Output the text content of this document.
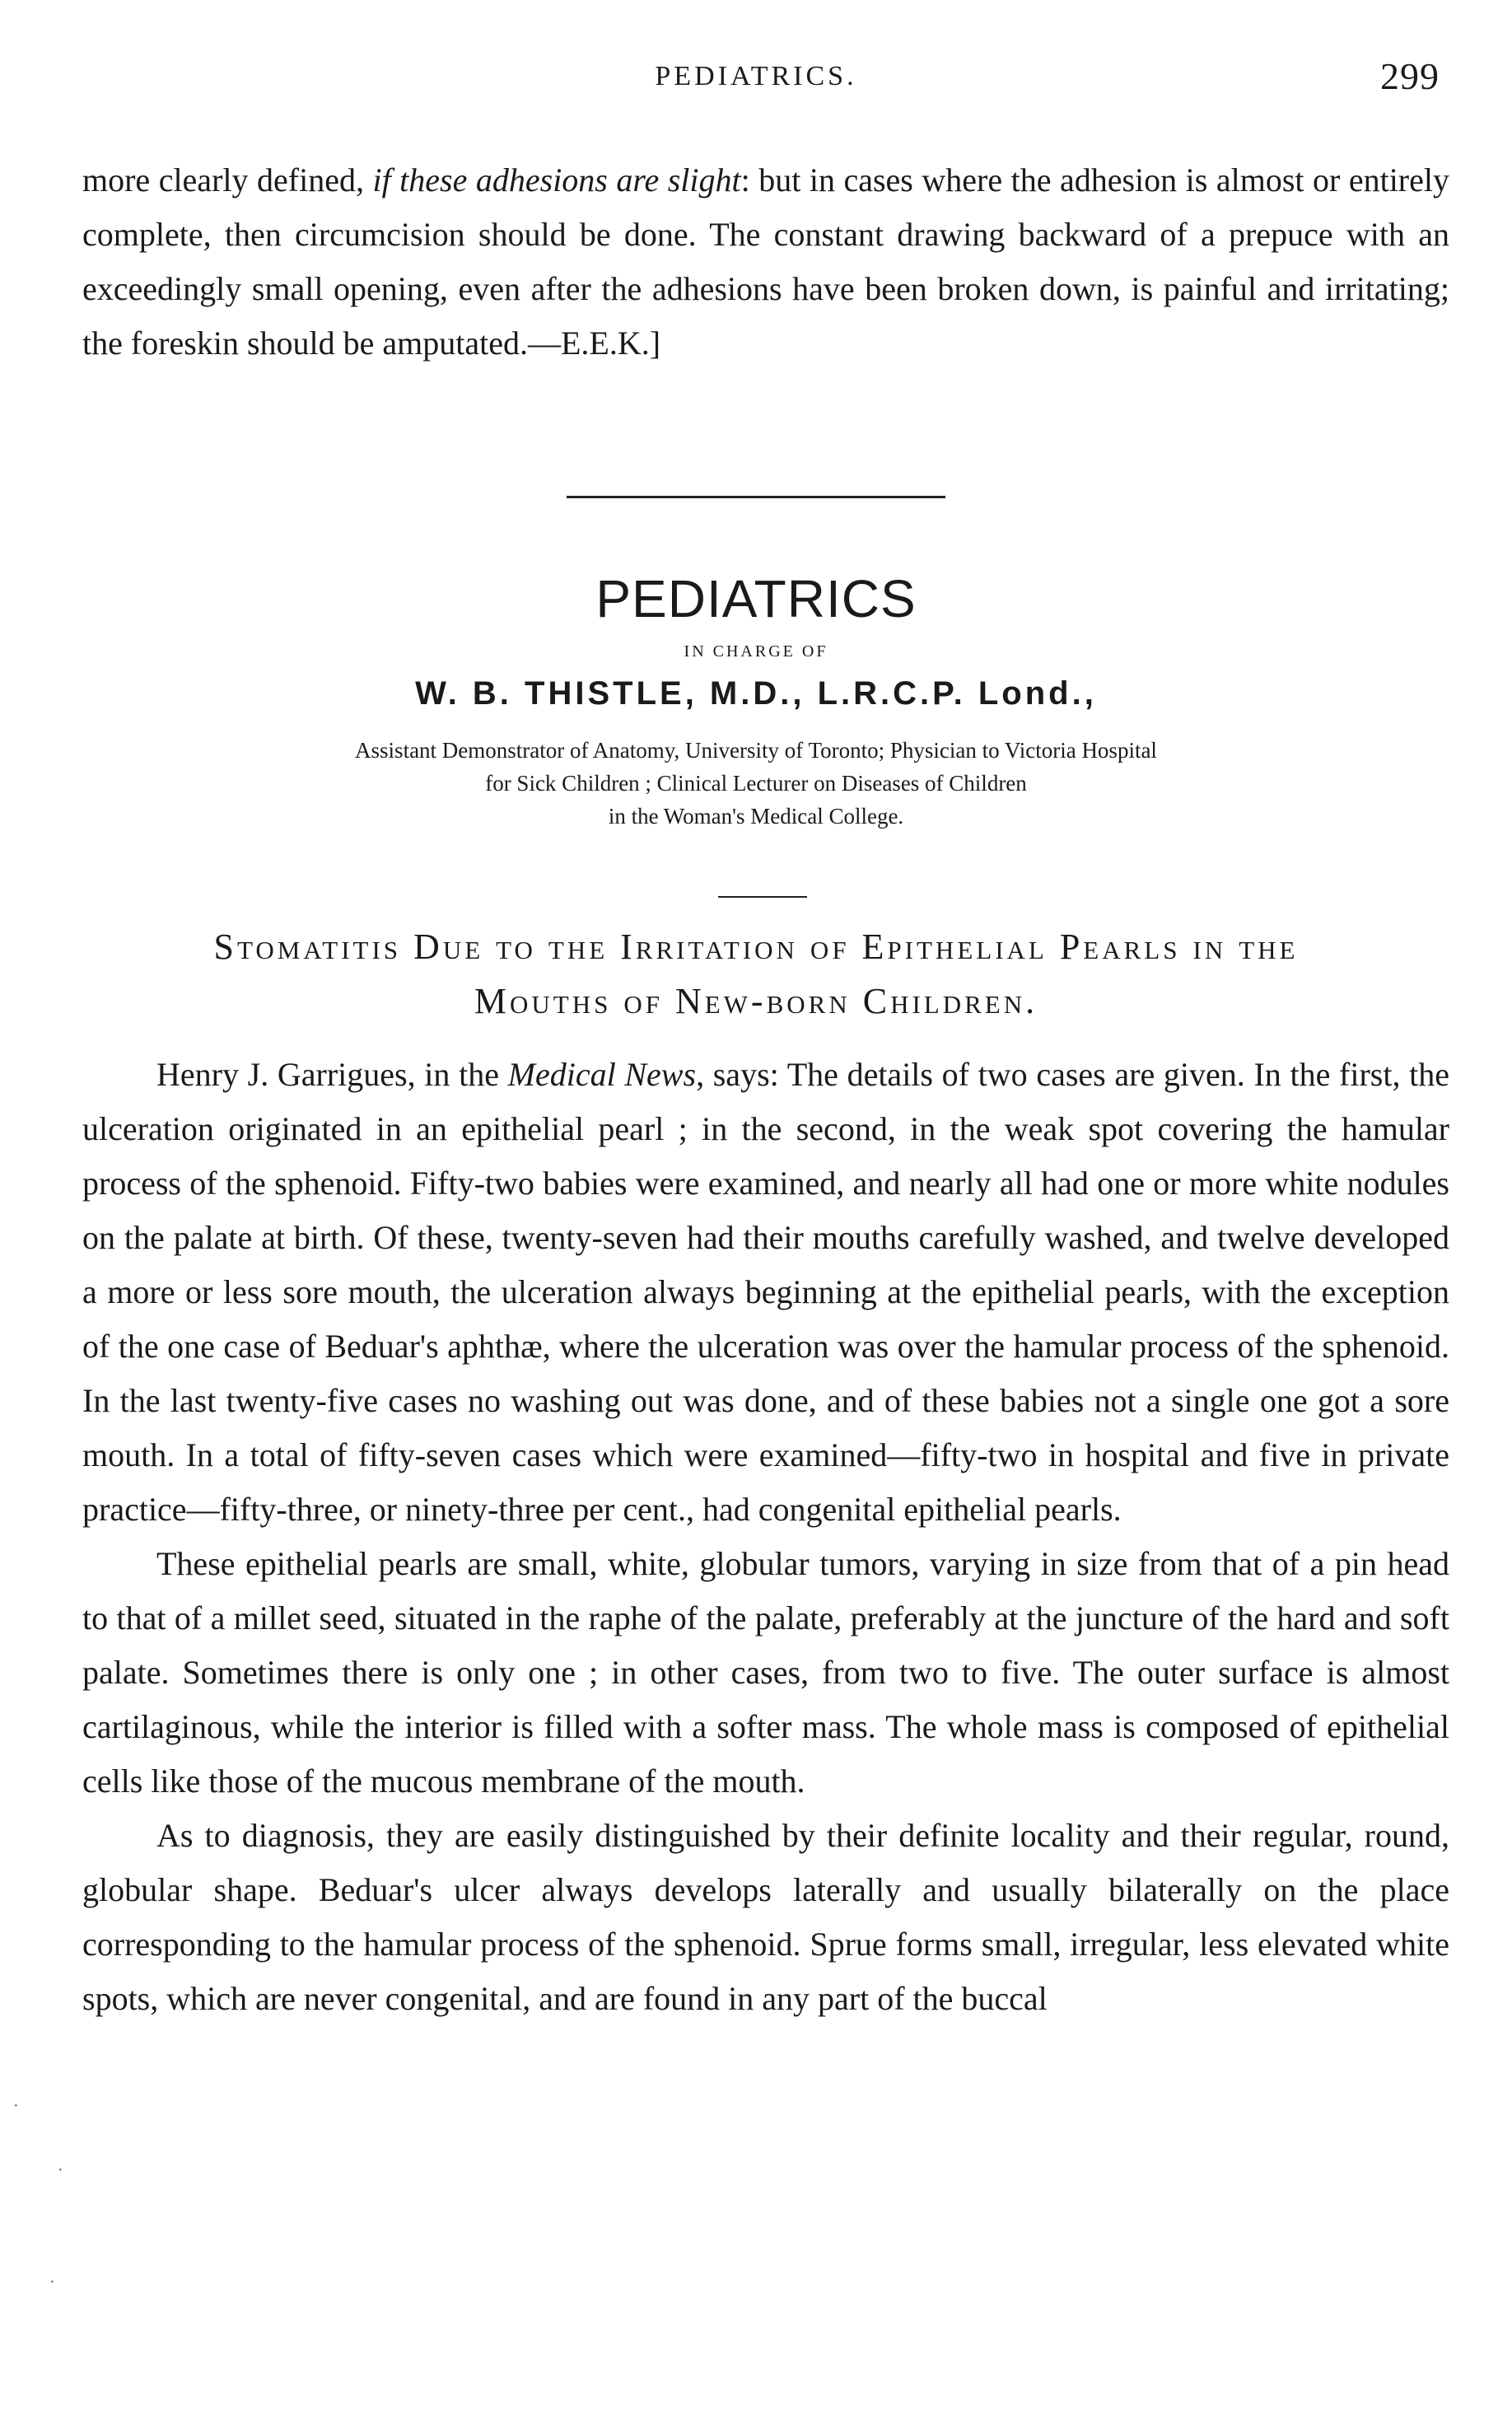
PEDIATRICS.	299

more clearly defined, if these adhesions are slight: but in cases where the adhesion is almost or entirely complete, then circumcision should be done. The constant drawing backward of a prepuce with an exceedingly small opening, even after the adhesions have been broken down, is painful and irritating; the foreskin should be amputated.—E.E.K.]

PEDIATRICS
IN CHARGE OF
W. B. THISTLE, M.D., L.R.C.P. Lond.,
Assistant Demonstrator of Anatomy, University of Toronto; Physician to Victoria Hospital
for Sick Children ; Clinical Lecturer on Diseases of Children
in the Woman's Medical College.
Stomatitis Due to the Irritation of Epithelial Pearls in the
Mouths of New-born Children.

Henry J. Garrigues, in the Medical News, says: The details of two cases are given. In the first, the ulceration originated in an epithelial pearl ; in the second, in the weak spot covering the hamular process of the sphenoid. Fifty-two babies were examined, and nearly all had one or more white nodules on the palate at birth. Of these, twenty-seven had their mouths carefully washed, and twelve developed a more or less sore mouth, the ulceration always beginning at the epithelial pearls, with the exception of the one case of Beduar's aphthæ, where the ulceration was over the hamular process of the sphenoid. In the last twenty-five cases no washing out was done, and of these babies not a single one got a sore mouth. In a total of fifty-seven cases which were examined—fifty-two in hospital and five in private practice—fifty-three, or ninety-three per cent., had congenital epithelial pearls.

These epithelial pearls are small, white, globular tumors, varying in size from that of a pin head to that of a millet seed, situated in the raphe of the palate, preferably at the juncture of the hard and soft palate. Sometimes there is only one ; in other cases, from two to five. The outer surface is almost cartilaginous, while the interior is filled with a softer mass. The whole mass is composed of epithelial cells like those of the mucous membrane of the mouth.

As to diagnosis, they are easily distinguished by their definite locality and their regular, round, globular shape. Beduar's ulcer always develops laterally and usually bilaterally on the place corresponding to the hamular process of the sphenoid. Sprue forms small, irregular, less elevated white spots, which are never congenital, and are found in any part of the buccal

·
·
·
